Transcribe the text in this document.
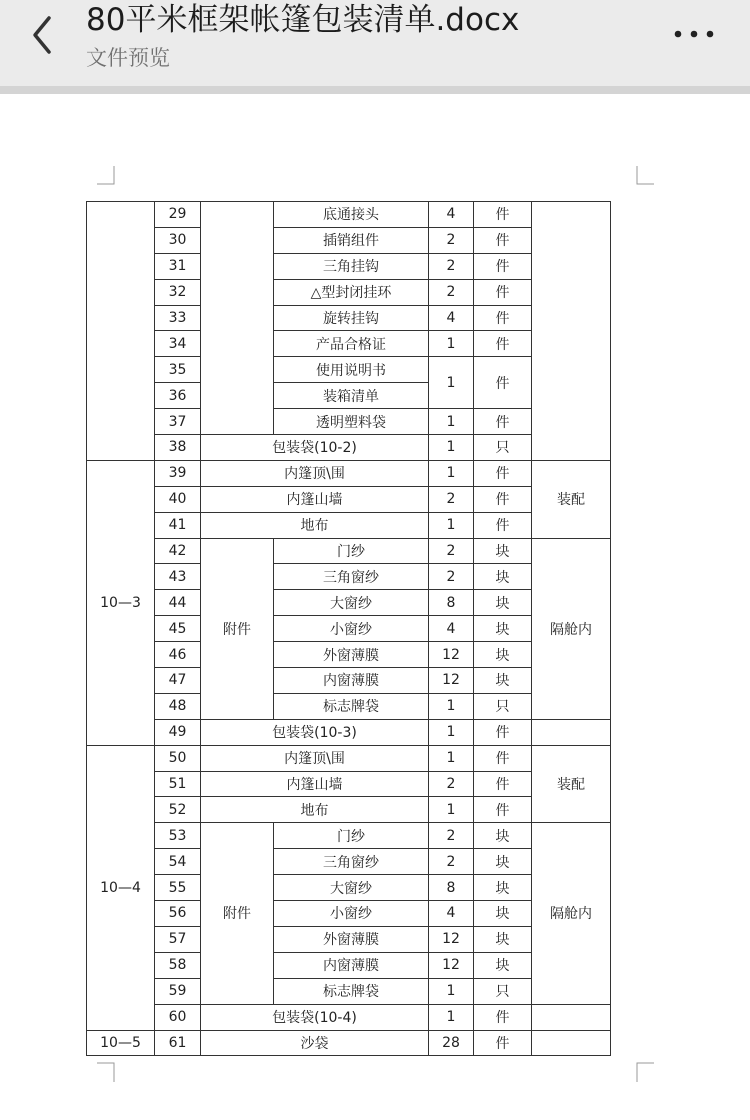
80平米框架帐篷包装清单.docx
文件预览
	29		底通接头	4	件	
	30		插销组件	2	件	
	31		三角挂钩	2	件	
	32		△型封闭挂环	2	件	
	33		旋转挂钩	4	件	
	34		产品合格证	1	件	
	35		使用说明书	1	件	
	36		装箱清单			
	37		透明塑料袋	1	件	
	38	包装袋(10-2)		1	只	
10—3	39	内篷顶\围		1	件	装配
	40	内篷山墙		2	件	
	41	地布		1	件	
	42	附件	门纱	2	块	隔舱内
	43		三角窗纱	2	块	
	44		大窗纱	8	块	
	45		小窗纱	4	块	
	46		外窗薄膜	12	块	
	47		内窗薄膜	12	块	
	48		标志牌袋	1	只	
	49	包装袋(10-3)		1	件	
10—4	50	内篷顶\围		1	件	装配
	51	内篷山墙		2	件	
	52	地布		1	件	
	53	附件	门纱	2	块	隔舱内
	54		三角窗纱	2	块	
	55		大窗纱	8	块	
	56		小窗纱	4	块	
	57		外窗薄膜	12	块	
	58		内窗薄膜	12	块	
	59		标志牌袋	1	只	
	60	包装袋(10-4)		1	件	
10—5	61	沙袋		28	件	
